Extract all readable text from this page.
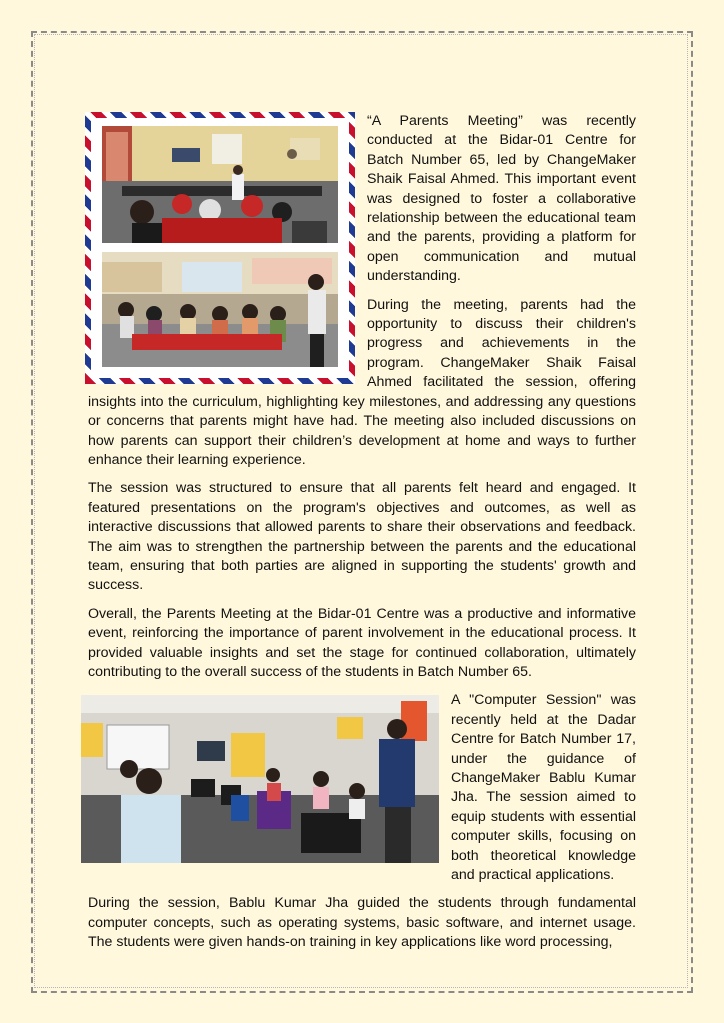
“A Parents Meeting” was recently conducted at the Bidar-01 Centre for Batch Number 65, led by ChangeMaker Shaik Faisal Ahmed. This important event was designed to foster a collaborative relationship between the educational team and the parents, providing a platform for open communication and mutual understanding.

During the meeting, parents had the opportunity to discuss their children's progress and achievements in the program. ChangeMaker Shaik Faisal Ahmed facilitated the session, offering insights into the curriculum, highlighting key milestones, and addressing any questions or concerns that parents might have had. The meeting also included discussions on how parents can support their children’s development at home and ways to further enhance their learning experience.

The session was structured to ensure that all parents felt heard and engaged. It featured presentations on the program's objectives and outcomes, as well as interactive discussions that allowed parents to share their observations and feedback. The aim was to strengthen the partnership between the parents and the educational team, ensuring that both parties are aligned in supporting the students' growth and success.

Overall, the Parents Meeting at the Bidar-01 Centre was a productive and informative event, reinforcing the importance of parent involvement in the educational process. It provided valuable insights and set the stage for continued collaboration, ultimately contributing to the overall success of the students in Batch Number 65.

A "Computer Session" was recently held at the Dadar Centre for Batch Number 17, under the guidance of ChangeMaker Bablu Kumar Jha. The session aimed to equip students with essential computer skills, focusing on both theoretical knowledge and practical applications.

During the session, Bablu Kumar Jha guided the students through fundamental computer concepts, such as operating systems, basic software, and internet usage. The students were given hands-on training in key applications like word processing,
